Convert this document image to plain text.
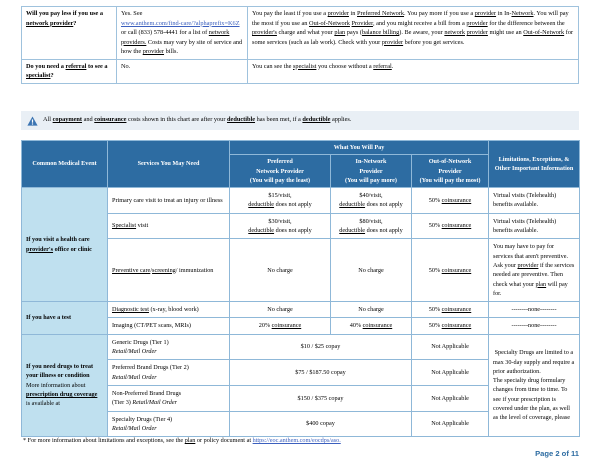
Will you pay less if you use a network provider?	Yes. See
www.anthem.com/find-care/?alphaprefix=K6Z
or call (833) 578-4441 for a list of network providers. Costs may vary by site of service and how the provider bills.	You pay the least if you use a provider in Preferred Network. You pay more if you use a provider in In-Network. You will pay the most if you use an Out-of-Network Provider, and you might receive a bill from a provider for the difference between the provider's charge and what your plan pays (balance billing). Be aware, your network provider might use an Out-of-Network for some services (such as lab work). Check with your provider before you get services.
Do you need a referral to see a specialist?	No.	You can see the specialist you choose without a referral.
All copayment and coinsurance costs shown in this chart are after your deductible has been met, if a deductible applies.
Common Medical Event	Services You May Need	What You Will Pay			Limitations, Exceptions, & Other Important Information
		Preferred
Network Provider
(You will pay the least)	In-Network
Provider
(You will pay more)	Out-of-Network
Provider
(You will pay the most)	
If you visit a health care provider's office or clinic	Primary care visit to treat an injury or illness	$15/visit,
deductible does not apply	$40/visit,
deductible does not apply	50% coinsurance	Virtual visits (Telehealth) benefits available.
	Specialist visit	$30/visit,
deductible does not apply	$80/visit,
deductible does not apply	50% coinsurance	Virtual visits (Telehealth) benefits available.
	Preventive care/screening/ immunization	No charge	No charge	50% coinsurance	You may have to pay for services that aren't preventive. Ask your provider if the services needed are preventive. Then check what your plan will pay for.
If you have a test	Diagnostic test (x-ray, blood work)	No charge	No charge	50% coinsurance	--------none--------
	Imaging (CT/PET scans, MRIs)	20% coinsurance	40% coinsurance	50% coinsurance	--------none--------
If you need drugs to treat your illness or condition
More information about prescription drug coverage is available at	Generic Drugs (Tier 1)
Retail/Mail Order	$10 / $25 copay		Not Applicable	Specialty Drugs are limited to a max 30-day supply and require a prior authorization.
The specialty drug formulary changes from time to time. To see if your prescription is covered under the plan, as well as the level of coverage, please
	Preferred Brand Drugs (Tier 2)
Retail/Mail Order	$75 / $187.50 copay		Not Applicable	
	Non-Preferred Brand Drugs
(Tier 3) Retail/Mail Order	$150 / $375 copay		Not Applicable	
	Specialty Drugs (Tier 4)
Retail/Mail Order	$400 copay		Not Applicable	
* For more information about limitations and exceptions, see the plan or policy document at https://eoc.anthem.com/eocdps/aso.
Page 2 of 11
